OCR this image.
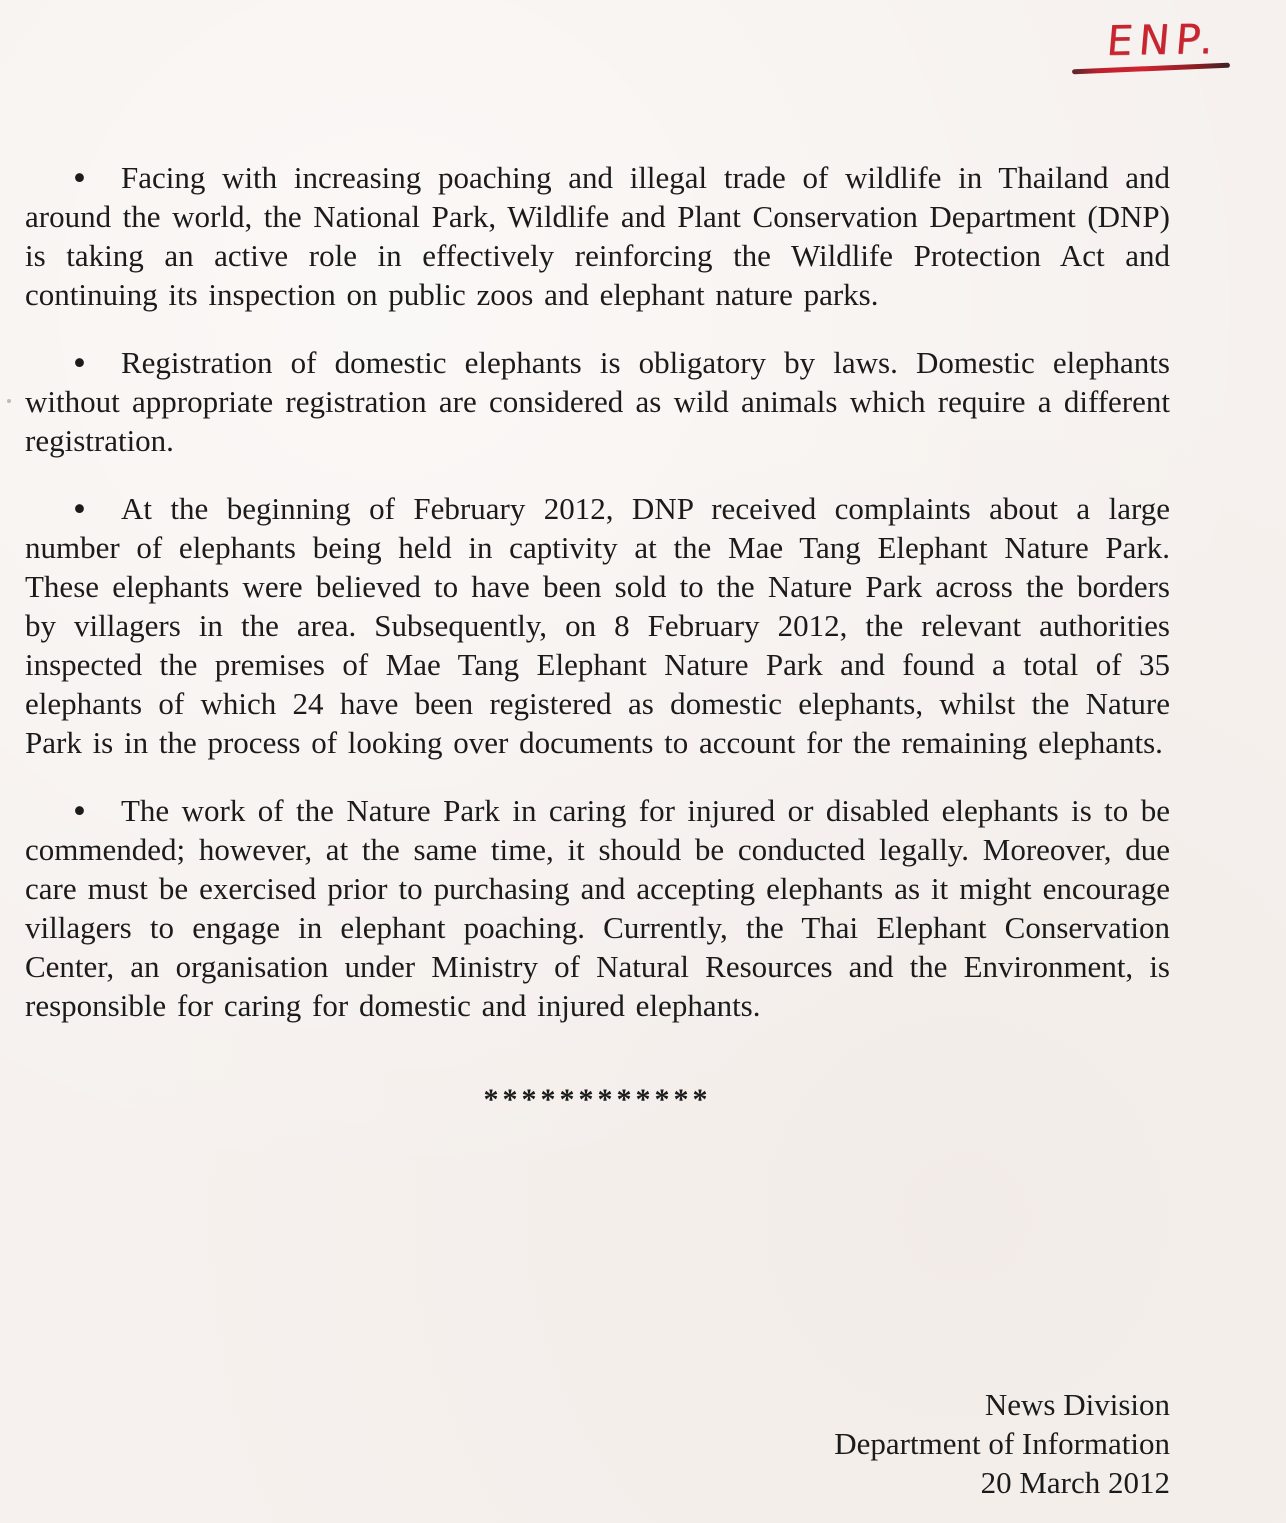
ENP.

• Facing with increasing poaching and illegal trade of wildlife in Thailand and around the world, the National Park, Wildlife and Plant Conservation Department (DNP) is taking an active role in effectively reinforcing the Wildlife Protection Act and continuing its inspection on public zoos and elephant nature parks.

• Registration of domestic elephants is obligatory by laws. Domestic elephants without appropriate registration are considered as wild animals which require a different registration.

• At the beginning of February 2012, DNP received complaints about a large number of elephants being held in captivity at the Mae Tang Elephant Nature Park. These elephants were believed to have been sold to the Nature Park across the borders by villagers in the area. Subsequently, on 8 February 2012, the relevant authorities inspected the premises of Mae Tang Elephant Nature Park and found a total of 35 elephants of which 24 have been registered as domestic elephants, whilst the Nature Park is in the process of looking over documents to account for the remaining elephants.

• The work of the Nature Park in caring for injured or disabled elephants is to be commended; however, at the same time, it should be conducted legally. Moreover, due care must be exercised prior to purchasing and accepting elephants as it might encourage villagers to engage in elephant poaching. Currently, the Thai Elephant Conservation Center, an organisation under Ministry of Natural Resources and the Environment, is responsible for caring for domestic and injured elephants.

************
News Division
Department of Information
20 March 2012
